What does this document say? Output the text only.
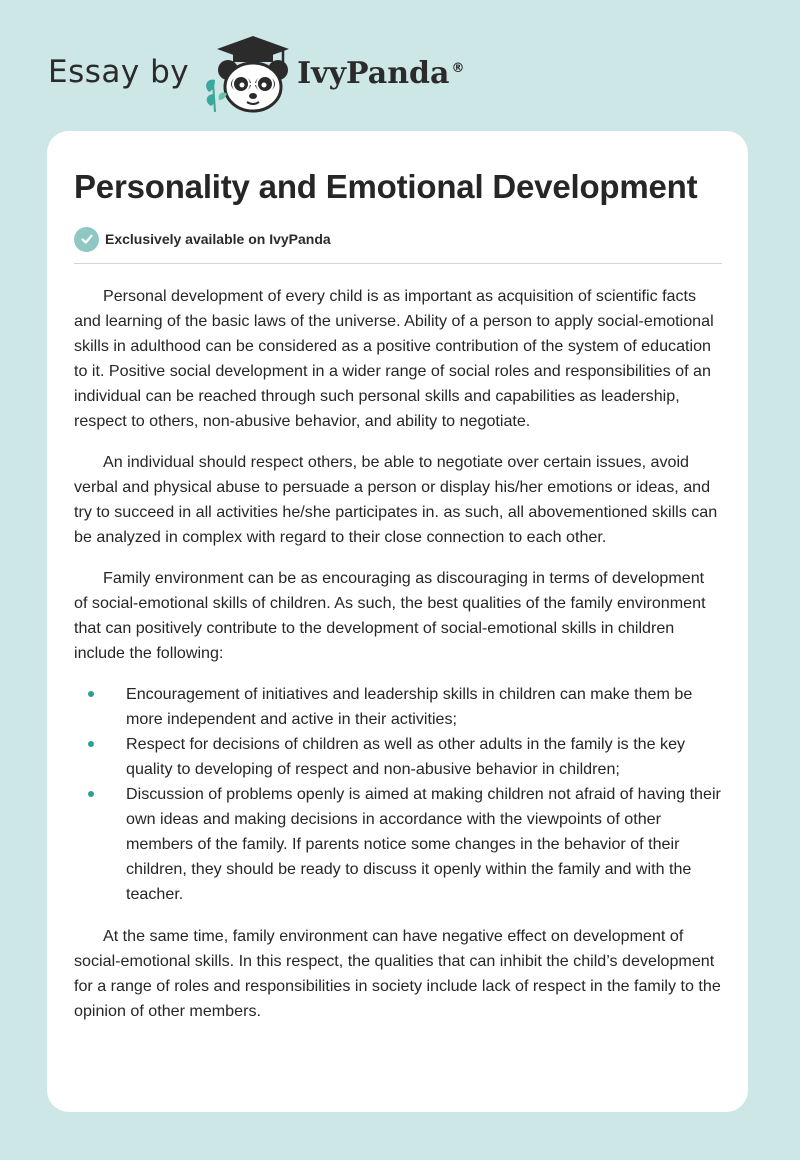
Essay by	IvyPanda ®
Personality and Emotional Development
Exclusively available on IvyPanda

Personal development of every child is as important as acquisition of scientific facts and learning of the basic laws of the universe. Ability of a person to apply social-emotional skills in adulthood can be considered as a positive contribution of the system of education to it. Positive social development in a wider range of social roles and responsibilities of an individual can be reached through such personal skills and capabilities as leadership, respect to others, non-abusive behavior, and ability to negotiate.

An individual should respect others, be able to negotiate over certain issues, avoid verbal and physical abuse to persuade a person or display his/her emotions or ideas, and try to succeed in all activities he/she participates in. as such, all abovementioned skills can be analyzed in complex with regard to their close connection to each other.

Family environment can be as encouraging as discouraging in terms of development of social-emotional skills of children. As such, the best qualities of the family environment that can positively contribute to the development of social-emotional skills in children include the following:

Encouragement of initiatives and leadership skills in children can make them be more independent and active in their activities;
Respect for decisions of children as well as other adults in the family is the key quality to developing of respect and non-abusive behavior in children;
Discussion of problems openly is aimed at making children not afraid of having their own ideas and making decisions in accordance with the viewpoints of other members of the family. If parents notice some changes in the behavior of their children, they should be ready to discuss it openly within the family and with the teacher.

At the same time, family environment can have negative effect on development of social-emotional skills. In this respect, the qualities that can inhibit the child’s development for a range of roles and responsibilities in society include lack of respect in the family to the opinion of other members.
